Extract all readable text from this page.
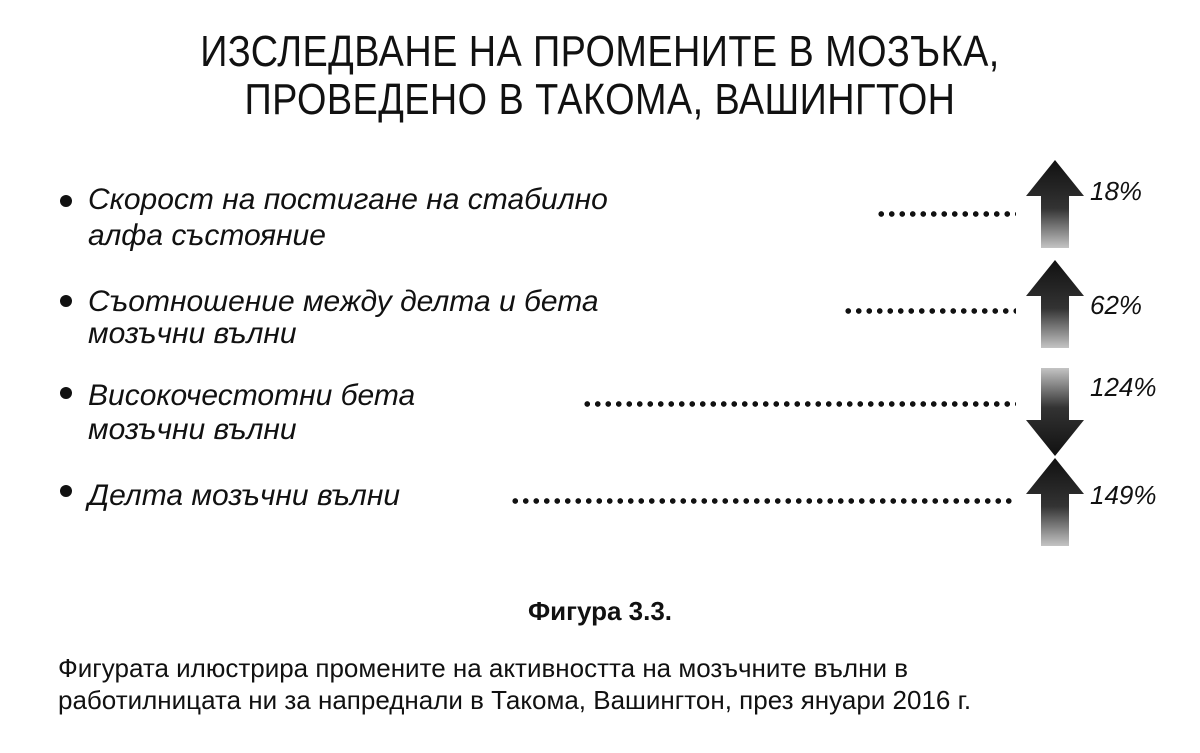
ИЗСЛЕДВАНЕ НА ПРОМЕНИТЕ В МОЗЪКА,
ПРОВЕДЕНО В ТАКОМА, ВАШИНГТОН
Скорост на постигане на стабилно
алфа състояние
18%
Съотношение между делта и бета
мозъчни вълни
62%
Високочестотни бета
мозъчни вълни
124%
Делта мозъчни вълни	149%
Фигура 3.3.
Фигурата илюстрира промените на активността на мозъчните вълни в
работилницата ни за напреднали в Такома, Вашингтон, през януари 2016 г.
